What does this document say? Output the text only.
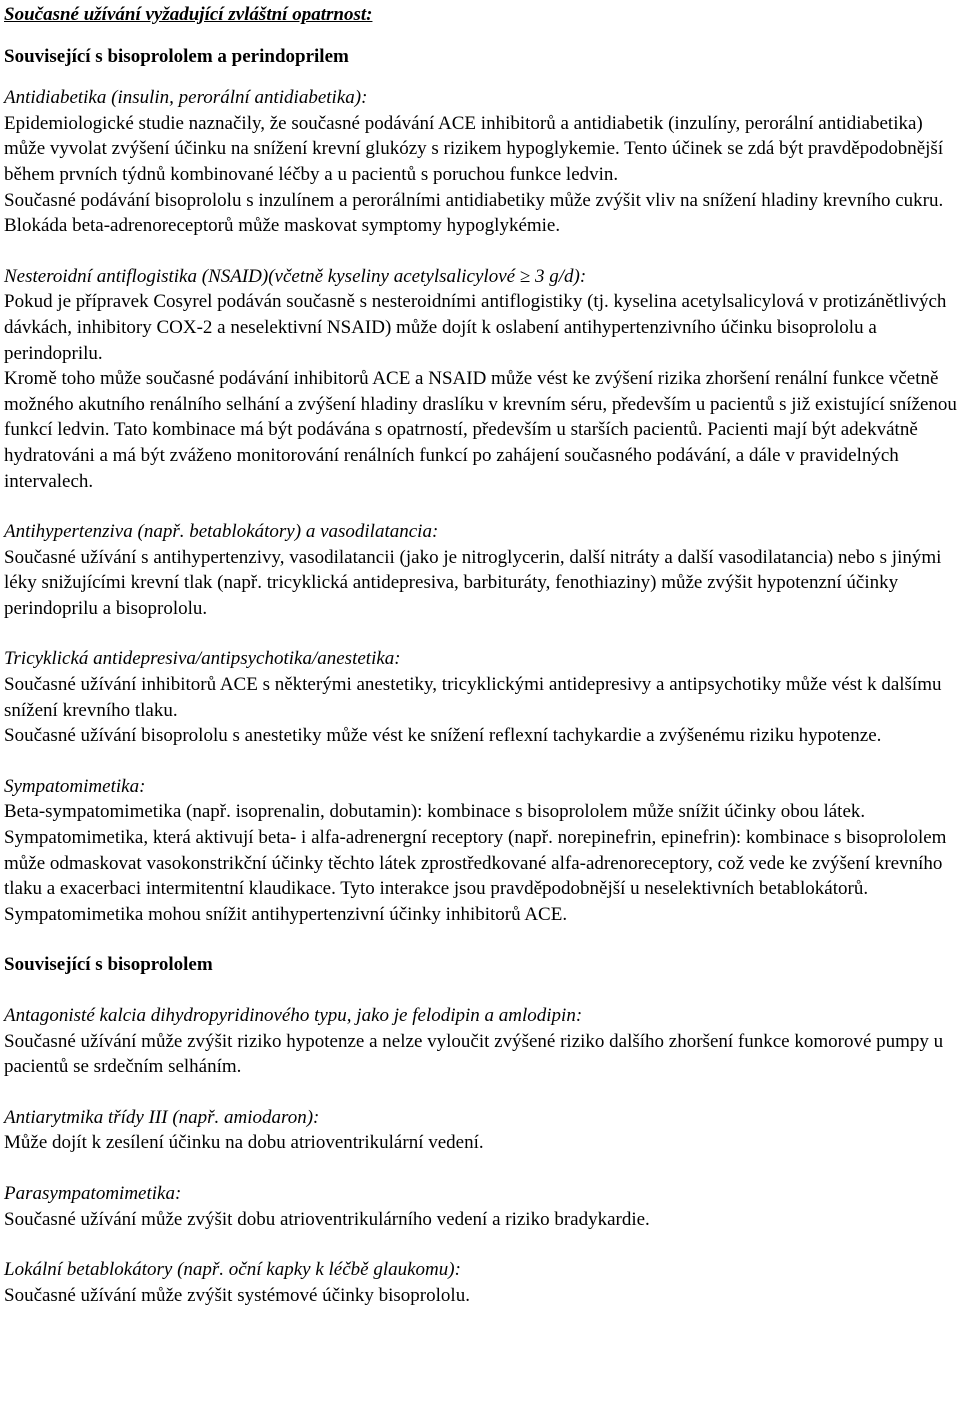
Současné užívání vyžadující zvláštní opatrnost:
Související s bisoprololem a perindoprilem
Antidiabetika (insulin, perorální antidiabetika):
Epidemiologické studie naznačily, že současné podávání ACE inhibitorů a antidiabetik (inzulíny, perorální antidiabetika) může vyvolat zvýšení účinku na snížení krevní glukózy s rizikem hypoglykemie. Tento účinek se zdá být pravděpodobnější během prvních týdnů kombinované léčby a u pacientů s poruchou funkce ledvin.
Současné podávání bisoprololu s inzulínem a perorálními antidiabetiky může zvýšit vliv na snížení hladiny krevního cukru. Blokáda beta-adrenoreceptorů může maskovat symptomy hypoglykémie.
Nesteroidní antiflogistika (NSAID)(včetně kyseliny acetylsalicylové ≥ 3 g/d):
Pokud je přípravek Cosyrel podáván současně s nesteroidními antiflogistiky (tj. kyselina acetylsalicylová v protizánětlivých dávkách, inhibitory COX-2 a neselektivní NSAID) může dojít k oslabení antihypertenzivního účinku bisoprololu a perindoprilu.
Kromě toho může současné podávání inhibitorů ACE a NSAID může vést ke zvýšení rizika zhoršení renální funkce včetně možného akutního renálního selhání a zvýšení hladiny draslíku v krevním séru, především u pacientů s již existující sníženou funkcí ledvin. Tato kombinace má být podávána s opatrností, především u starších pacientů. Pacienti mají být adekvátně hydratováni a má být zváženo monitorování renálních funkcí po zahájení současného podávání, a dále v pravidelných intervalech.
Antihypertenziva (např. betablokátory) a vasodilatancia:
Současné užívání s antihypertenzivy, vasodilatancii (jako je nitroglycerin, další nitráty a další vasodilatancia) nebo s jinými léky snižujícími krevní tlak (např. tricyklická antidepresiva, barbituráty, fenothiaziny) může zvýšit hypotenzní účinky perindoprilu a bisoprololu.
Tricyklická antidepresiva/antipsychotika/anestetika:
Současné užívání inhibitorů ACE s některými anestetiky, tricyklickými antidepresivy a antipsychotiky může vést k dalšímu snížení krevního tlaku.
Současné užívání bisoprololu s anestetiky může vést ke snížení reflexní tachykardie a zvýšenému riziku hypotenze.
Sympatomimetika:
Beta-sympatomimetika (např. isoprenalin, dobutamin): kombinace s bisoprololem může snížit účinky obou látek.
Sympatomimetika, která aktivují beta- i alfa-adrenergní receptory (např. norepinefrin, epinefrin): kombinace s bisoprololem může odmaskovat vasokonstrikční účinky těchto látek zprostředkované alfa-adrenoreceptory, což vede ke zvýšení krevního tlaku a exacerbaci intermitentní klaudikace. Tyto interakce jsou pravděpodobnější u neselektivních betablokátorů.
Sympatomimetika mohou snížit antihypertenzivní účinky inhibitorů ACE.
Související s bisoprololem
Antagonisté kalcia dihydropyridinového typu, jako je felodipin a amlodipin:
Současné užívání může zvýšit riziko hypotenze a nelze vyloučit zvýšené riziko dalšího zhoršení funkce komorové pumpy u pacientů se srdečním selháním.
Antiarytmika třídy III (např. amiodaron):
Může dojít k zesílení účinku na dobu atrioventrikulární vedení.
Parasympatomimetika:
Současné užívání může zvýšit dobu atrioventrikulárního vedení a riziko bradykardie.
Lokální betablokátory (např. oční kapky k léčbě glaukomu):
Současné užívání může zvýšit systémové účinky bisoprololu.
